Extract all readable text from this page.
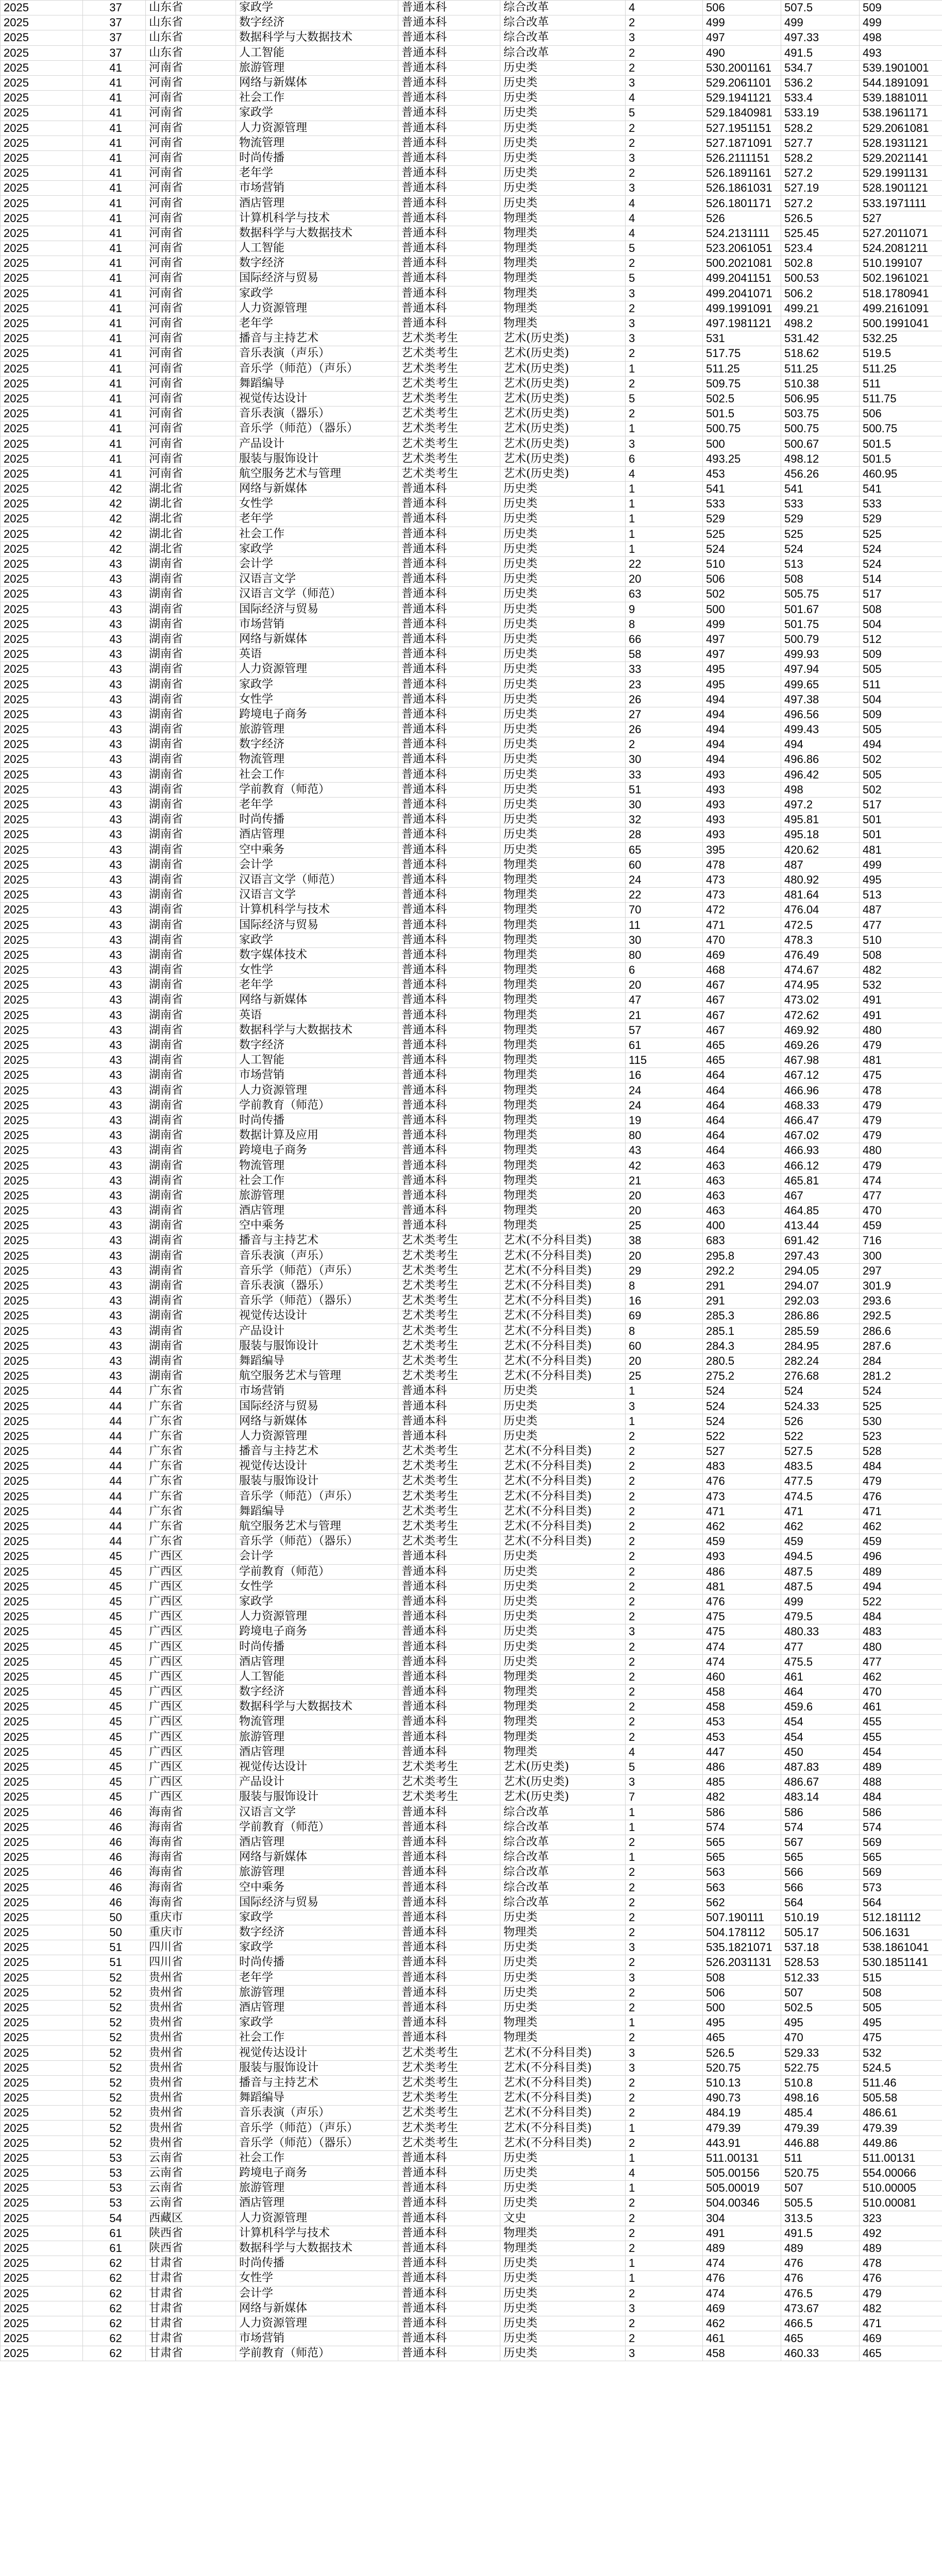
2025	37	山东省	家政学	普通本科	综合改革	4	506	507.5	509
2025	37	山东省	数字经济	普通本科	综合改革	2	499	499	499
2025	37	山东省	数据科学与大数据技术	普通本科	综合改革	3	497	497.33	498
2025	37	山东省	人工智能	普通本科	综合改革	2	490	491.5	493
2025	41	河南省	旅游管理	普通本科	历史类	2	530.2001161	534.7	539.1901001
2025	41	河南省	网络与新媒体	普通本科	历史类	3	529.2061101	536.2	544.1891091
2025	41	河南省	社会工作	普通本科	历史类	4	529.1941121	533.4	539.1881011
2025	41	河南省	家政学	普通本科	历史类	5	529.1840981	533.19	538.1961171
2025	41	河南省	人力资源管理	普通本科	历史类	2	527.1951151	528.2	529.2061081
2025	41	河南省	物流管理	普通本科	历史类	2	527.1871091	527.7	528.1931121
2025	41	河南省	时尚传播	普通本科	历史类	3	526.2111151	528.2	529.2021141
2025	41	河南省	老年学	普通本科	历史类	2	526.1891161	527.2	529.1991131
2025	41	河南省	市场营销	普通本科	历史类	3	526.1861031	527.19	528.1901121
2025	41	河南省	酒店管理	普通本科	历史类	4	526.1801171	527.2	533.1971111
2025	41	河南省	计算机科学与技术	普通本科	物理类	4	526	526.5	527
2025	41	河南省	数据科学与大数据技术	普通本科	物理类	4	524.2131111	525.45	527.2011071
2025	41	河南省	人工智能	普通本科	物理类	5	523.2061051	523.4	524.2081211
2025	41	河南省	数字经济	普通本科	物理类	2	500.2021081	502.8	510.199107
2025	41	河南省	国际经济与贸易	普通本科	物理类	5	499.2041151	500.53	502.1961021
2025	41	河南省	家政学	普通本科	物理类	3	499.2041071	506.2	518.1780941
2025	41	河南省	人力资源管理	普通本科	物理类	2	499.1991091	499.21	499.2161091
2025	41	河南省	老年学	普通本科	物理类	3	497.1981121	498.2	500.1991041
2025	41	河南省	播音与主持艺术	艺术类考生	艺术(历史类)	3	531	531.42	532.25
2025	41	河南省	音乐表演（声乐）	艺术类考生	艺术(历史类)	2	517.75	518.62	519.5
2025	41	河南省	音乐学（师范）（声乐）	艺术类考生	艺术(历史类)	1	511.25	511.25	511.25
2025	41	河南省	舞蹈编导	艺术类考生	艺术(历史类)	2	509.75	510.38	511
2025	41	河南省	视觉传达设计	艺术类考生	艺术(历史类)	5	502.5	506.95	511.75
2025	41	河南省	音乐表演（器乐）	艺术类考生	艺术(历史类)	2	501.5	503.75	506
2025	41	河南省	音乐学（师范）（器乐）	艺术类考生	艺术(历史类)	1	500.75	500.75	500.75
2025	41	河南省	产品设计	艺术类考生	艺术(历史类)	3	500	500.67	501.5
2025	41	河南省	服装与服饰设计	艺术类考生	艺术(历史类)	6	493.25	498.12	501.5
2025	41	河南省	航空服务艺术与管理	艺术类考生	艺术(历史类)	4	453	456.26	460.95
2025	42	湖北省	网络与新媒体	普通本科	历史类	1	541	541	541
2025	42	湖北省	女性学	普通本科	历史类	1	533	533	533
2025	42	湖北省	老年学	普通本科	历史类	1	529	529	529
2025	42	湖北省	社会工作	普通本科	历史类	1	525	525	525
2025	42	湖北省	家政学	普通本科	历史类	1	524	524	524
2025	43	湖南省	会计学	普通本科	历史类	22	510	513	524
2025	43	湖南省	汉语言文学	普通本科	历史类	20	506	508	514
2025	43	湖南省	汉语言文学（师范）	普通本科	历史类	63	502	505.75	517
2025	43	湖南省	国际经济与贸易	普通本科	历史类	9	500	501.67	508
2025	43	湖南省	市场营销	普通本科	历史类	8	499	501.75	504
2025	43	湖南省	网络与新媒体	普通本科	历史类	66	497	500.79	512
2025	43	湖南省	英语	普通本科	历史类	58	497	499.93	509
2025	43	湖南省	人力资源管理	普通本科	历史类	33	495	497.94	505
2025	43	湖南省	家政学	普通本科	历史类	23	495	499.65	511
2025	43	湖南省	女性学	普通本科	历史类	26	494	497.38	504
2025	43	湖南省	跨境电子商务	普通本科	历史类	27	494	496.56	509
2025	43	湖南省	旅游管理	普通本科	历史类	26	494	499.43	505
2025	43	湖南省	数字经济	普通本科	历史类	2	494	494	494
2025	43	湖南省	物流管理	普通本科	历史类	30	494	496.86	502
2025	43	湖南省	社会工作	普通本科	历史类	33	493	496.42	505
2025	43	湖南省	学前教育（师范）	普通本科	历史类	51	493	498	502
2025	43	湖南省	老年学	普通本科	历史类	30	493	497.2	517
2025	43	湖南省	时尚传播	普通本科	历史类	32	493	495.81	501
2025	43	湖南省	酒店管理	普通本科	历史类	28	493	495.18	501
2025	43	湖南省	空中乘务	普通本科	历史类	65	395	420.62	481
2025	43	湖南省	会计学	普通本科	物理类	60	478	487	499
2025	43	湖南省	汉语言文学（师范）	普通本科	物理类	24	473	480.92	495
2025	43	湖南省	汉语言文学	普通本科	物理类	22	473	481.64	513
2025	43	湖南省	计算机科学与技术	普通本科	物理类	70	472	476.04	487
2025	43	湖南省	国际经济与贸易	普通本科	物理类	11	471	472.5	477
2025	43	湖南省	家政学	普通本科	物理类	30	470	478.3	510
2025	43	湖南省	数字媒体技术	普通本科	物理类	80	469	476.49	508
2025	43	湖南省	女性学	普通本科	物理类	6	468	474.67	482
2025	43	湖南省	老年学	普通本科	物理类	20	467	474.95	532
2025	43	湖南省	网络与新媒体	普通本科	物理类	47	467	473.02	491
2025	43	湖南省	英语	普通本科	物理类	21	467	472.62	491
2025	43	湖南省	数据科学与大数据技术	普通本科	物理类	57	467	469.92	480
2025	43	湖南省	数字经济	普通本科	物理类	61	465	469.26	479
2025	43	湖南省	人工智能	普通本科	物理类	115	465	467.98	481
2025	43	湖南省	市场营销	普通本科	物理类	16	464	467.12	475
2025	43	湖南省	人力资源管理	普通本科	物理类	24	464	466.96	478
2025	43	湖南省	学前教育（师范）	普通本科	物理类	24	464	468.33	479
2025	43	湖南省	时尚传播	普通本科	物理类	19	464	466.47	479
2025	43	湖南省	数据计算及应用	普通本科	物理类	80	464	467.02	479
2025	43	湖南省	跨境电子商务	普通本科	物理类	43	464	466.93	480
2025	43	湖南省	物流管理	普通本科	物理类	42	463	466.12	479
2025	43	湖南省	社会工作	普通本科	物理类	21	463	465.81	474
2025	43	湖南省	旅游管理	普通本科	物理类	20	463	467	477
2025	43	湖南省	酒店管理	普通本科	物理类	20	463	464.85	470
2025	43	湖南省	空中乘务	普通本科	物理类	25	400	413.44	459
2025	43	湖南省	播音与主持艺术	艺术类考生	艺术(不分科目类)	38	683	691.42	716
2025	43	湖南省	音乐表演（声乐）	艺术类考生	艺术(不分科目类)	20	295.8	297.43	300
2025	43	湖南省	音乐学（师范）（声乐）	艺术类考生	艺术(不分科目类)	29	292.2	294.05	297
2025	43	湖南省	音乐表演（器乐）	艺术类考生	艺术(不分科目类)	8	291	294.07	301.9
2025	43	湖南省	音乐学（师范）（器乐）	艺术类考生	艺术(不分科目类)	16	291	292.03	293.6
2025	43	湖南省	视觉传达设计	艺术类考生	艺术(不分科目类)	69	285.3	286.86	292.5
2025	43	湖南省	产品设计	艺术类考生	艺术(不分科目类)	8	285.1	285.59	286.6
2025	43	湖南省	服装与服饰设计	艺术类考生	艺术(不分科目类)	60	284.3	284.95	287.6
2025	43	湖南省	舞蹈编导	艺术类考生	艺术(不分科目类)	20	280.5	282.24	284
2025	43	湖南省	航空服务艺术与管理	艺术类考生	艺术(不分科目类)	25	275.2	276.68	281.2
2025	44	广东省	市场营销	普通本科	历史类	1	524	524	524
2025	44	广东省	国际经济与贸易	普通本科	历史类	3	524	524.33	525
2025	44	广东省	网络与新媒体	普通本科	历史类	1	524	526	530
2025	44	广东省	人力资源管理	普通本科	历史类	2	522	522	523
2025	44	广东省	播音与主持艺术	艺术类考生	艺术(不分科目类)	2	527	527.5	528
2025	44	广东省	视觉传达设计	艺术类考生	艺术(不分科目类)	2	483	483.5	484
2025	44	广东省	服装与服饰设计	艺术类考生	艺术(不分科目类)	2	476	477.5	479
2025	44	广东省	音乐学（师范）（声乐）	艺术类考生	艺术(不分科目类)	2	473	474.5	476
2025	44	广东省	舞蹈编导	艺术类考生	艺术(不分科目类)	2	471	471	471
2025	44	广东省	航空服务艺术与管理	艺术类考生	艺术(不分科目类)	2	462	462	462
2025	44	广东省	音乐学（师范）（器乐）	艺术类考生	艺术(不分科目类)	2	459	459	459
2025	45	广西区	会计学	普通本科	历史类	2	493	494.5	496
2025	45	广西区	学前教育（师范）	普通本科	历史类	2	486	487.5	489
2025	45	广西区	女性学	普通本科	历史类	2	481	487.5	494
2025	45	广西区	家政学	普通本科	历史类	2	476	499	522
2025	45	广西区	人力资源管理	普通本科	历史类	2	475	479.5	484
2025	45	广西区	跨境电子商务	普通本科	历史类	3	475	480.33	483
2025	45	广西区	时尚传播	普通本科	历史类	2	474	477	480
2025	45	广西区	酒店管理	普通本科	历史类	2	474	475.5	477
2025	45	广西区	人工智能	普通本科	物理类	2	460	461	462
2025	45	广西区	数字经济	普通本科	物理类	2	458	464	470
2025	45	广西区	数据科学与大数据技术	普通本科	物理类	2	458	459.6	461
2025	45	广西区	物流管理	普通本科	物理类	2	453	454	455
2025	45	广西区	旅游管理	普通本科	物理类	2	453	454	455
2025	45	广西区	酒店管理	普通本科	物理类	4	447	450	454
2025	45	广西区	视觉传达设计	艺术类考生	艺术(历史类)	5	486	487.83	489
2025	45	广西区	产品设计	艺术类考生	艺术(历史类)	3	485	486.67	488
2025	45	广西区	服装与服饰设计	艺术类考生	艺术(历史类)	7	482	483.14	484
2025	46	海南省	汉语言文学	普通本科	综合改革	1	586	586	586
2025	46	海南省	学前教育（师范）	普通本科	综合改革	1	574	574	574
2025	46	海南省	酒店管理	普通本科	综合改革	2	565	567	569
2025	46	海南省	网络与新媒体	普通本科	综合改革	1	565	565	565
2025	46	海南省	旅游管理	普通本科	综合改革	2	563	566	569
2025	46	海南省	空中乘务	普通本科	综合改革	2	563	566	573
2025	46	海南省	国际经济与贸易	普通本科	综合改革	2	562	564	564
2025	50	重庆市	家政学	普通本科	历史类	2	507.190111	510.19	512.181112
2025	50	重庆市	数字经济	普通本科	物理类	2	504.178112	505.17	506.1631
2025	51	四川省	家政学	普通本科	历史类	3	535.1821071	537.18	538.1861041
2025	51	四川省	时尚传播	普通本科	历史类	2	526.2031131	528.53	530.1851141
2025	52	贵州省	老年学	普通本科	历史类	3	508	512.33	515
2025	52	贵州省	旅游管理	普通本科	历史类	2	506	507	508
2025	52	贵州省	酒店管理	普通本科	历史类	2	500	502.5	505
2025	52	贵州省	家政学	普通本科	物理类	1	495	495	495
2025	52	贵州省	社会工作	普通本科	物理类	2	465	470	475
2025	52	贵州省	视觉传达设计	艺术类考生	艺术(不分科目类)	3	526.5	529.33	532
2025	52	贵州省	服装与服饰设计	艺术类考生	艺术(不分科目类)	3	520.75	522.75	524.5
2025	52	贵州省	播音与主持艺术	艺术类考生	艺术(不分科目类)	2	510.13	510.8	511.46
2025	52	贵州省	舞蹈编导	艺术类考生	艺术(不分科目类)	2	490.73	498.16	505.58
2025	52	贵州省	音乐表演（声乐）	艺术类考生	艺术(不分科目类)	2	484.19	485.4	486.61
2025	52	贵州省	音乐学（师范）（声乐）	艺术类考生	艺术(不分科目类)	1	479.39	479.39	479.39
2025	52	贵州省	音乐学（师范）（器乐）	艺术类考生	艺术(不分科目类)	2	443.91	446.88	449.86
2025	53	云南省	社会工作	普通本科	历史类	1	511.00131	511	511.00131
2025	53	云南省	跨境电子商务	普通本科	历史类	4	505.00156	520.75	554.00066
2025	53	云南省	旅游管理	普通本科	历史类	1	505.00019	507	510.00005
2025	53	云南省	酒店管理	普通本科	历史类	2	504.00346	505.5	510.00081
2025	54	西藏区	人力资源管理	普通本科	文史	2	304	313.5	323
2025	61	陕西省	计算机科学与技术	普通本科	物理类	2	491	491.5	492
2025	61	陕西省	数据科学与大数据技术	普通本科	物理类	2	489	489	489
2025	62	甘肃省	时尚传播	普通本科	历史类	1	474	476	478
2025	62	甘肃省	女性学	普通本科	历史类	1	476	476	476
2025	62	甘肃省	会计学	普通本科	历史类	2	474	476.5	479
2025	62	甘肃省	网络与新媒体	普通本科	历史类	3	469	473.67	482
2025	62	甘肃省	人力资源管理	普通本科	历史类	2	462	466.5	471
2025	62	甘肃省	市场营销	普通本科	历史类	2	461	465	469
2025	62	甘肃省	学前教育（师范）	普通本科	历史类	3	458	460.33	465
